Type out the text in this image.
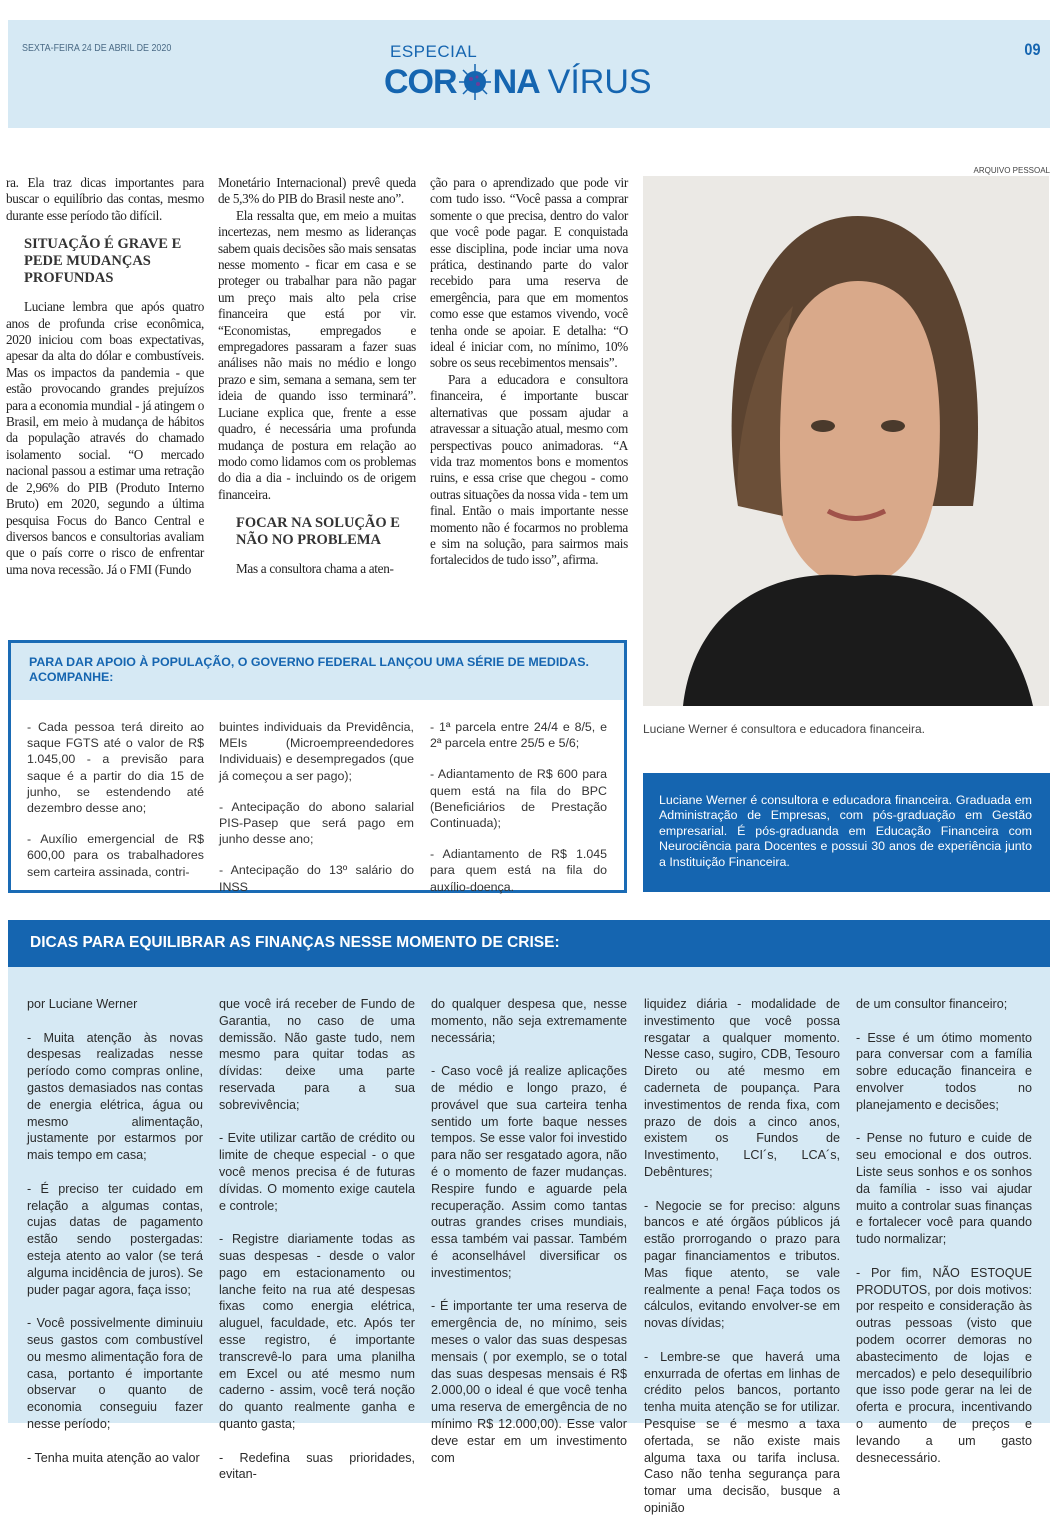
SEXTA-FEIRA 24 DE ABRIL DE 2020	ESPECIAL
COR NA VÍRUS
09

ra. Ela traz dicas importantes para buscar o equilíbrio das contas, mesmo durante esse período tão difícil.

SITUAÇÃO É GRAVE E PEDE MUDANÇAS PROFUNDAS

Luciane lembra que após quatro anos de profunda crise econômica, 2020 iniciou com boas expectativas, apesar da alta do dólar e combustíveis. Mas os impactos da pandemia - que estão provocando grandes prejuízos para a economia mundial - já atingem o Brasil, em meio à mudança de hábitos da população através do chamado isolamento social. “O mercado nacional passou a estimar uma retração de 2,96% do PIB (Produto Interno Bruto) em 2020, segundo a última pesquisa Focus do Banco Central e diversos bancos e consultorias avaliam que o país corre o risco de enfrentar uma nova recessão. Já o FMI (Fundo

Monetário Internacional) prevê queda de 5,3% do PIB do Brasil neste ano”.

Ela ressalta que, em meio a muitas incertezas, nem mesmo as lideranças sabem quais decisões são mais sensatas nesse momento - ficar em casa e se proteger ou trabalhar para não pagar um preço mais alto pela crise financeira que está por vir. “Economistas, empregados e empregadores passaram a fazer suas análises não mais no médio e longo prazo e sim, semana a semana, sem ter ideia de quando isso terminará”. Luciane explica que, frente a esse quadro, é necessária uma profunda mudança de postura em relação ao modo como lidamos com os problemas do dia a dia - incluindo os de origem financeira.

FOCAR NA SOLUÇÃO E NÃO NO PROBLEMA

Mas a consultora chama a aten-

ção para o aprendizado que pode vir com tudo isso. “Você passa a comprar somente o que precisa, dentro do valor que você pode pagar. E conquistada esse disciplina, pode inciar uma nova prática, destinando parte do valor recebido para uma reserva de emergência, para que em momentos como esse que estamos vivendo, você tenha onde se apoiar. E detalha: “O ideal é iniciar com, no mínimo, 10% sobre os seus recebimentos mensais”.

Para a educadora e consultora financeira, é importante buscar alternativas que possam ajudar a atravessar a situação atual, mesmo com perspectivas pouco animadoras. “A vida traz momentos bons e momentos ruins, e essa crise que chegou - como outras situações da nossa vida - tem um final. Então o mais importante nesse momento não é focarmos no problema e sim na solução, para sairmos mais fortalecidos de tudo isso”, afirma.

ARQUIVO PESSOAL
Luciane Werner é consultora e educadora financeira.
Luciane Werner é consultora e educadora financeira. Graduada em Administração de Empresas, com pós-graduação em Gestão empresarial. É pós-graduanda em Educação Financeira com Neurociência para Docentes e possui 30 anos de experiência junto a Instituição Financeira.
PARA DAR APOIO À POPULAÇÃO, O GOVERNO FEDERAL LANÇOU UMA SÉRIE DE MEDIDAS. ACOMPANHE:

- Cada pessoa terá direito ao saque FGTS até o valor de R$ 1.045,00 - a previsão para saque é a partir do dia 15 de junho, se estendendo até dezembro desse ano;

- Auxílio emergencial de R$ 600,00 para os trabalhadores sem carteira assinada, contri-

buintes individuais da Previdência, MEIs (Microempreendedores Individuais) e desempregados (que já começou a ser pago);

- Antecipação do abono salarial PIS-Pasep que será pago em junho desse ano;

- Antecipação do 13º salário do INSS

- 1ª parcela entre 24/4 e 8/5, e 2ª parcela entre 25/5 e 5/6;

- Adiantamento de R$ 600 para quem está na fila do BPC (Beneficiários de Prestação Continuada);

- Adiantamento de R$ 1.045 para quem está na fila do auxílio-doença.

DICAS PARA EQUILIBRAR AS FINANÇAS NESSE MOMENTO DE CRISE:

por Luciane Werner

- Muita atenção às novas despesas realizadas nesse período como compras online, gastos demasiados nas contas de energia elétrica, água ou mesmo alimentação, justamente por estarmos por mais tempo em casa;

- É preciso ter cuidado em relação a algumas contas, cujas datas de pagamento estão sendo postergadas: esteja atento ao valor (se terá alguma incidência de juros). Se puder pagar agora, faça isso;

- Você possivelmente diminuiu seus gastos com combustível ou mesmo alimentação fora de casa, portanto é importante observar o quanto de economia conseguiu fazer nesse período;

- Tenha muita atenção ao valor

que você irá receber de Fundo de Garantia, no caso de uma demissão. Não gaste tudo, nem mesmo para quitar todas as dívidas: deixe uma parte reservada para a sua sobrevivência;

- Evite utilizar cartão de crédito ou limite de cheque especial - o que você menos precisa é de futuras dívidas. O momento exige cautela e controle;

- Registre diariamente todas as suas despesas - desde o valor pago em estacionamento ou lanche feito na rua até despesas fixas como energia elétrica, aluguel, faculdade, etc. Após ter esse registro, é importante transcrevê-lo para uma planilha em Excel ou até mesmo num caderno - assim, você terá noção do quanto realmente ganha e quanto gasta;

- Redefina suas prioridades, evitan-

do qualquer despesa que, nesse momento, não seja extremamente necessária;

- Caso você já realize aplicações de médio e longo prazo, é provável que sua carteira tenha sentido um forte baque nesses tempos. Se esse valor foi investido para não ser resgatado agora, não é o momento de fazer mudanças. Respire fundo e aguarde pela recuperação. Assim como tantas outras grandes crises mundiais, essa também vai passar. Também é aconselhável diversificar os investimentos;

- É importante ter uma reserva de emergência de, no mínimo, seis meses o valor das suas despesas mensais ( por exemplo, se o total das suas despesas mensais é R$ 2.000,00 o ideal é que você tenha uma reserva de emergência de no mínimo R$ 12.000,00). Esse valor deve estar em um investimento com

liquidez diária - modalidade de investimento que você possa resgatar a qualquer momento. Nesse caso, sugiro, CDB, Tesouro Direto ou até mesmo em caderneta de poupança. Para investimentos de renda fixa, com prazo de dois a cinco anos, existem os Fundos de Investimento, LCI´s, LCA´s, Debêntures;

- Negocie se for preciso: alguns bancos e até órgãos públicos já estão prorrogando o prazo para pagar financiamentos e tributos. Mas fique atento, se vale realmente a pena! Faça todos os cálculos, evitando envolver-se em novas dívidas;

- Lembre-se que haverá uma enxurrada de ofertas em linhas de crédito pelos bancos, portanto tenha muita atenção se for utilizar. Pesquise se é mesmo a taxa ofertada, se não existe mais alguma taxa ou tarifa inclusa. Caso não tenha segurança para tomar uma decisão, busque a opinião

de um consultor financeiro;

- Esse é um ótimo momento para conversar com a família sobre educação financeira e envolver todos no planejamento e decisões;

- Pense no futuro e cuide de seu emocional e dos outros. Liste seus sonhos e os sonhos da família - isso vai ajudar muito a controlar suas finanças e fortalecer você para quando tudo normalizar;

- Por fim, NÃO ESTOQUE PRODUTOS, por dois motivos: por respeito e consideração às outras pessoas (visto que podem ocorrer demoras no abastecimento de lojas e mercados) e pelo desequilíbrio que isso pode gerar na lei de oferta e procura, incentivando o aumento de preços e levando a um gasto desnecessário.
